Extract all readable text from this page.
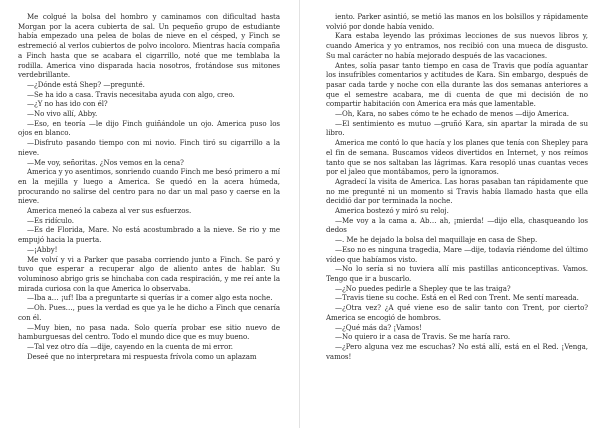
Me colgué la bolsa del hombro y caminamos con dificultad hasta Morgan por la acera cubierta de sal. Un pequeño grupo de estudiante había empezado una pelea de bolas de nieve en el césped, y Finch se estremeció al verlos cubiertos de polvo incoloro. Mientras hacía compaña a Finch hasta que se acabara el cigarrillo, noté que me temblaba la rodilla. America vino disparada hacia nosotros, frotándose sus mitones verdebrillante.

—¿Dónde está Shep? —pregunté.

—Se ha ido a casa. Travis necesitaba ayuda con algo, creo.

—¿Y no has ido con él?

—No vivo allí, Abby.

—Eso, en teoría —le dijo Finch guiñándole un ojo. America puso los ojos en blanco.

—Disfruto pasando tiempo con mi novio. Finch tiró su cigarrillo a la nieve.

—Me voy, señoritas. ¿Nos vemos en la cena?

America y yo asentimos, sonriendo cuando Finch me besó primero a mí en la mejilla y luego a America. Se quedó en la acera húmeda, procurando no salirse del centro para no dar un mal paso y caerse en la nieve.

America meneó la cabeza al ver sus esfuerzos.

—Es ridículo.

—Es de Florida, Mare. No está acostumbrado a la nieve. Se rio y me empujó hacia la puerta.

—¡Abby!

Me volví y vi a Parker que pasaba corriendo junto a Finch. Se paró y tuvo que esperar a recuperar algo de aliento antes de hablar. Su voluminoso abrigo gris se hinchaba con cada respiración, y me reí ante la mirada curiosa con la que America lo observaba.

—Iba a… ¡uf! Iba a preguntarte si querías ir a comer algo esta noche.

—Oh. Pues…, pues la verdad es que ya le he dicho a Finch que cenaría con él.

—Muy bien, no pasa nada. Solo quería probar ese sitio nuevo de hamburguesas del centro. Todo el mundo dice que es muy bueno.

—Tal vez otro día —dije, cayendo en la cuenta de mi error.

Deseé que no interpretara mi respuesta frívola como un aplazam

iento. Parker asintió, se metió las manos en los bolsillos y rápidamente volvió por donde había venido.

Kara estaba leyendo las próximas lecciones de sus nuevos libros y, cuando America y yo entramos, nos recibió con una mueca de disgusto. Su mal carácter no había mejorado después de las vacaciones.

Antes, solía pasar tanto tiempo en casa de Travis que podía aguantar los insufribles comentarios y actitudes de Kara. Sin embargo, después de pasar cada tarde y noche con ella durante las dos semanas anteriores a que el semestre acabara, me di cuenta de que mi decisión de no compartir habitación con America era más que lamentable.

—Oh, Kara, no sabes cómo te he echado de menos —dijo America.

—El sentimiento es mutuo —gruñó Kara, sin apartar la mirada de su libro.

America me contó lo que hacía y los planes que tenía con Shepley para el fin de semana. Buscamos vídeos divertidos en Internet, y nos reímos tanto que se nos saltaban las lágrimas. Kara resopló unas cuantas veces por el jaleo que montábamos, pero la ignoramos.

Agradecí la visita de America. Las horas pasaban tan rápidamente que no me pregunté ni un momento si Travis había llamado hasta que ella decidió dar por terminada la noche.

America bostezó y miró su reloj.

—Me voy a la cama a. Ab… ah, ¡mierda! —dijo ella, chasqueando los dedos

—. Me he dejado la bolsa del maquillaje en casa de Shep.

—Eso no es ninguna tragedia, Mare —dije, todavía riéndome del último vídeo que habíamos visto.

—No lo sería si no tuviera allí mis pastillas anticonceptivas. Vamos. Tengo que ir a buscarlo.

—¿No puedes pedirle a Shepley que te las traiga?

—Travis tiene su coche. Está en el Red con Trent. Me sentí mareada.

—¿Otra vez? ¿A qué viene eso de salir tanto con Trent, por cierto? America se encogió de hombros.

—¿Qué más da? ¡Vamos!

—No quiero ir a casa de Travis. Se me haría raro.

—¿Pero alguna vez me escuchas? No está allí, está en el Red. ¡Venga, vamos!
